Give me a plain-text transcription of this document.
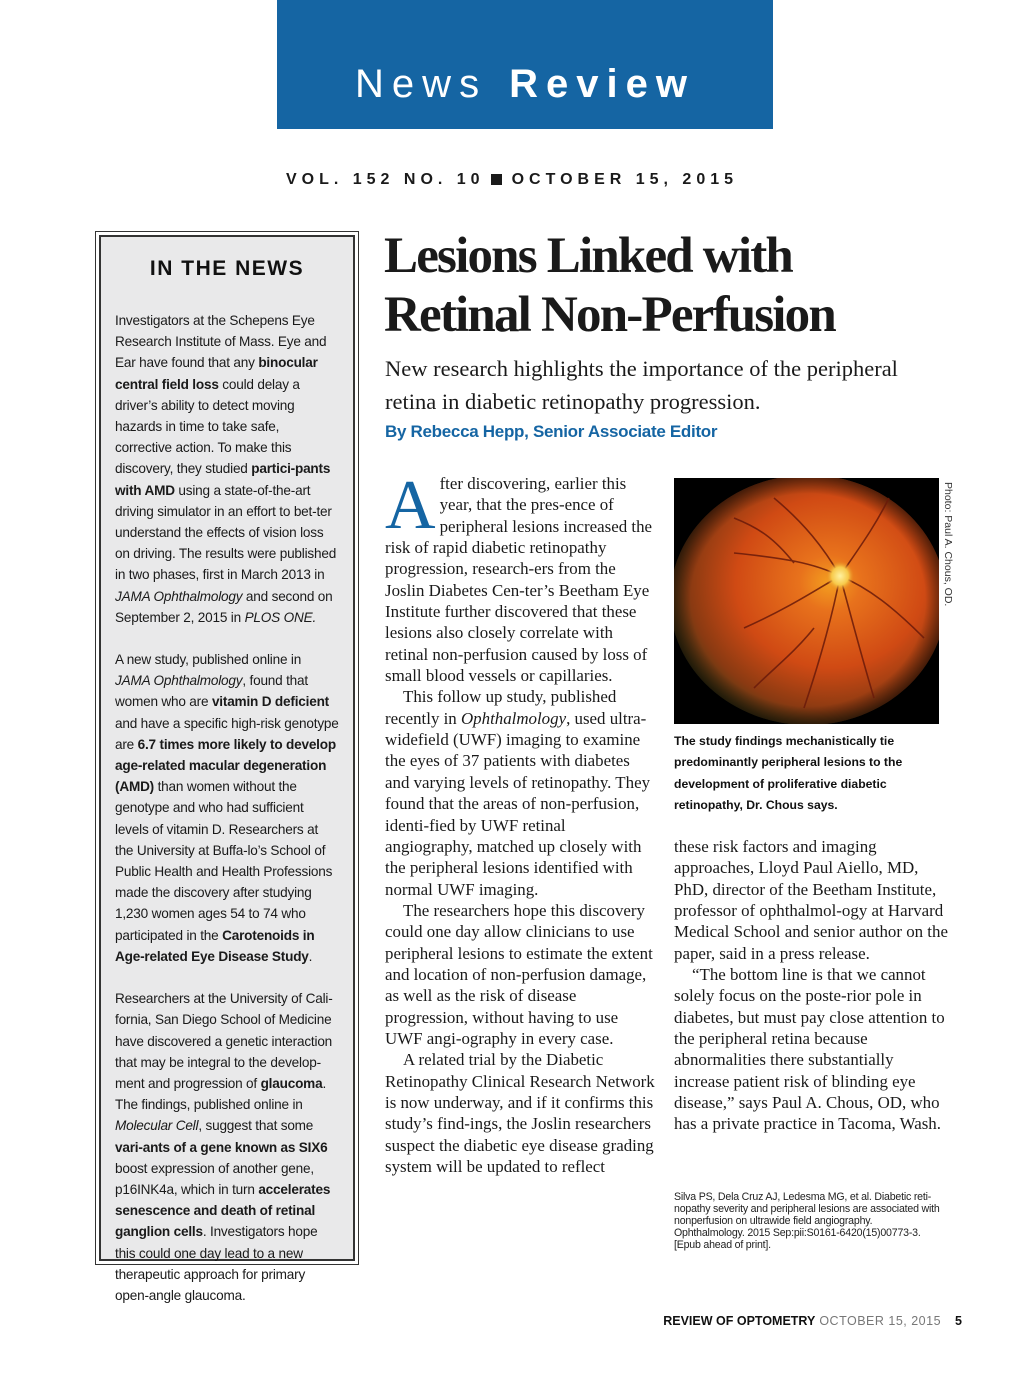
News Review
VOL. 152 NO. 10 OCTOBER 15, 2015
IN THE NEWS

Investigators at the Schepens Eye Research Institute of Mass. Eye and Ear have found that any binocular central field loss could delay a driver’s ability to detect moving hazards in time to take safe, corrective action. To make this discovery, they studied partici-pants with AMD using a state-of-the-art driving simulator in an effort to bet-ter understand the effects of vision loss on driving. The results were published in two phases, first in March 2013 in JAMA Ophthalmology and second on September 2, 2015 in PLOS ONE.

A new study, published online in JAMA Ophthalmology, found that women who are vitamin D deficient and have a specific high-risk genotype are 6.7 times more likely to develop age-related macular degeneration (AMD) than women without the genotype and who had sufficient levels of vitamin D. Researchers at the University at Buffa-lo’s School of Public Health and Health Professions made the discovery after studying 1,230 women ages 54 to 74 who participated in the Carotenoids in Age-related Eye Disease Study.

Researchers at the University of Cali-fornia, San Diego School of Medicine have discovered a genetic interaction that may be integral to the develop-ment and progression of glaucoma. The findings, published online in Molecular Cell, suggest that some vari-ants of a gene known as SIX6 boost expression of another gene, p16INK4a, which in turn accelerates senescence and death of retinal ganglion cells. Investigators hope this could one day lead to a new therapeutic approach for primary open-angle glaucoma.

Lesions Linked with
Retinal Non-Perfusion
New research highlights the importance of the peripheral retina in diabetic retinopathy progression.
By Rebecca Hepp, Senior Associate Editor

After discovering, earlier this year, that the pres-ence of peripheral lesions increased the risk of rapid diabetic retinopathy progression, research-ers from the Joslin Diabetes Cen-ter’s Beetham Eye Institute further discovered that these lesions also closely correlate with retinal non-perfusion caused by loss of small blood vessels or capillaries.

This follow up study, published recently in Ophthalmology, used ultra-widefield (UWF) imaging to examine the eyes of 37 patients with diabetes and varying levels of retinopathy. They found that the areas of non-perfusion, identi-fied by UWF retinal angiography, matched up closely with the peripheral lesions identified with normal UWF imaging.

The researchers hope this discovery could one day allow clinicians to use peripheral lesions to estimate the extent and location of non-perfusion damage, as well as the risk of disease progression, without having to use UWF angi-ography in every case.

A related trial by the Diabetic Retinopathy Clinical Research Network is now underway, and if it confirms this study’s find-ings, the Joslin researchers suspect the diabetic eye disease grading system will be updated to reflect

Photo: Paul A. Chous, OD.
The study findings mechanistically tie predominantly peripheral lesions to the development of proliferative diabetic retinopathy, Dr. Chous says.

these risk factors and imaging approaches, Lloyd Paul Aiello, MD, PhD, director of the Beetham Institute, professor of ophthalmol-ogy at Harvard Medical School and senior author on the paper, said in a press release.

“The bottom line is that we cannot solely focus on the poste-rior pole in diabetes, but must pay close attention to the peripheral retina because abnormalities there substantially increase patient risk of blinding eye disease,” says Paul A. Chous, OD, who has a private practice in Tacoma, Wash.

Silva PS, Dela Cruz AJ, Ledesma MG, et al. Diabetic reti-nopathy severity and peripheral lesions are associated with nonperfusion on ultrawide field angiography. Ophthalmology. 2015 Sep:pii:S0161-6420(15)00773-3. [Epub ahead of print].
REVIEW OF OPTOMETRY OCTOBER 15, 2015 5
